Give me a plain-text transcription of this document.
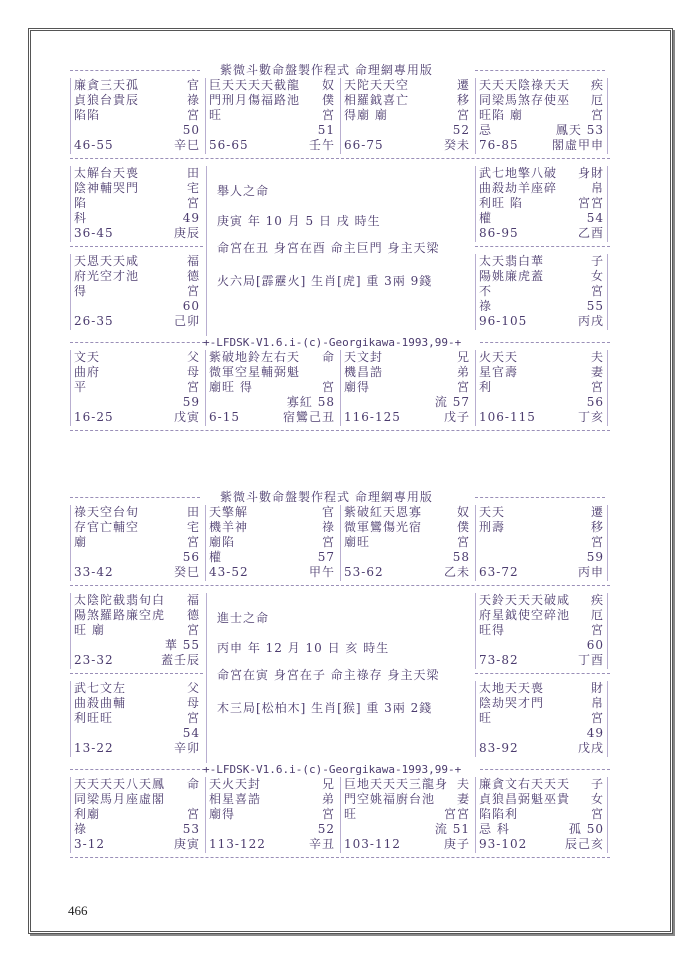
紫微斗數命盤製作程式 命理網專用版
廉貪三天孤	官
貞狼台貴辰	祿
陷陷	宮
50
46-55	辛巳
巨天天天天截龍 奴
門刑月傷福路池 僕
旺	宮
51
56-65	壬午
天陀天天空	遷
相羅鉞喜亡	移
得廟 廟	宮
52
66-75	癸未
天天天陰祿天天 疾
同梁馬煞存使巫 厄
旺陷 廟	宮
忌	鳳天 53
76-85	閣虛甲申
太解台天喪	田
陰神輔哭門	宅
陷	宮
科	49
36-45	庚辰
武七地擎八破 身財
曲殺劫羊座碎	帛
利旺 陷	宮宮
權	54
86-95	乙酉
舉人之命
庚寅 年 10 月 5 日 戌 時生
命宮在丑 身宮在酉 命主巨門 身主天梁
火六局[霹靂火] 生肖[虎] 重 3兩 9錢
天恩天天咸	福
府光空才池	德
得	宮
60
26-35	己卯
太天翡白華	子
陽姚廉虎蓋	女
不	宮
祿	55
96-105	丙戌
+-LFDSK-V1.6.i-(c)-Georgikawa-1993,99-+
文天	父
曲府	母
平	宮
59
16-25	戊寅
紫破地鈴左右天 命
微軍空星輔弼魁
廟旺 得	宮
寡紅 58
6-15	宿鸞己丑
天文封	兄
機昌誥	弟
廟得	宮
流 57
116-125	戊子
火天天	夫
星官壽	妻
利	宮
56
106-115	丁亥
紫微斗數命盤製作程式 命理網專用版
祿天空台旬	田
存官亡輔空	宅
廟	宮
56
33-42	癸巳
天擎解	官
機羊神	祿
廟陷	宮
權	57
43-52	甲午
紫破紅天恩寡	奴
微軍鸞傷光宿	僕
廟旺	宮
58
53-62	乙未
天天	遷
刑壽	移
宮
59
63-72	丙申
太陰陀截翡旬白 福
陽煞羅路廉空虎 德
旺 廟	宮
華 55
23-32	蓋壬辰
天鈴天天天破咸 疾
府星鉞使空碎池 厄
旺得	宮
60
73-82	丁酉
進士之命
丙申 年 12 月 10 日 亥 時生
命宮在寅 身宮在子 命主祿存 身主天梁
木三局[松柏木] 生肖[猴] 重 3兩 2錢
武七文左	父
曲殺曲輔	母
利旺旺	宮
54
13-22	辛卯
太地天天喪	財
陰劫哭才門	帛
旺	宮
49
83-92	戊戌
+-LFDSK-V1.6.i-(c)-Georgikawa-1993,99-+
天天天天八天鳳 命
同梁馬月座虛閣
利廟	宮
祿	53
3-12	庚寅
天火天封	兄
相星喜誥	弟
廟得	宮
52
113-122	辛丑
巨地天天天三龍身 夫
門空姚福廚台池 妻
旺	宮宮
流 51
103-112	庚子
廉貪文右天天天 子
貞狼昌弼魁巫貴 女
陷陷利	宮
忌 科	孤 50
93-102	辰己亥
466
